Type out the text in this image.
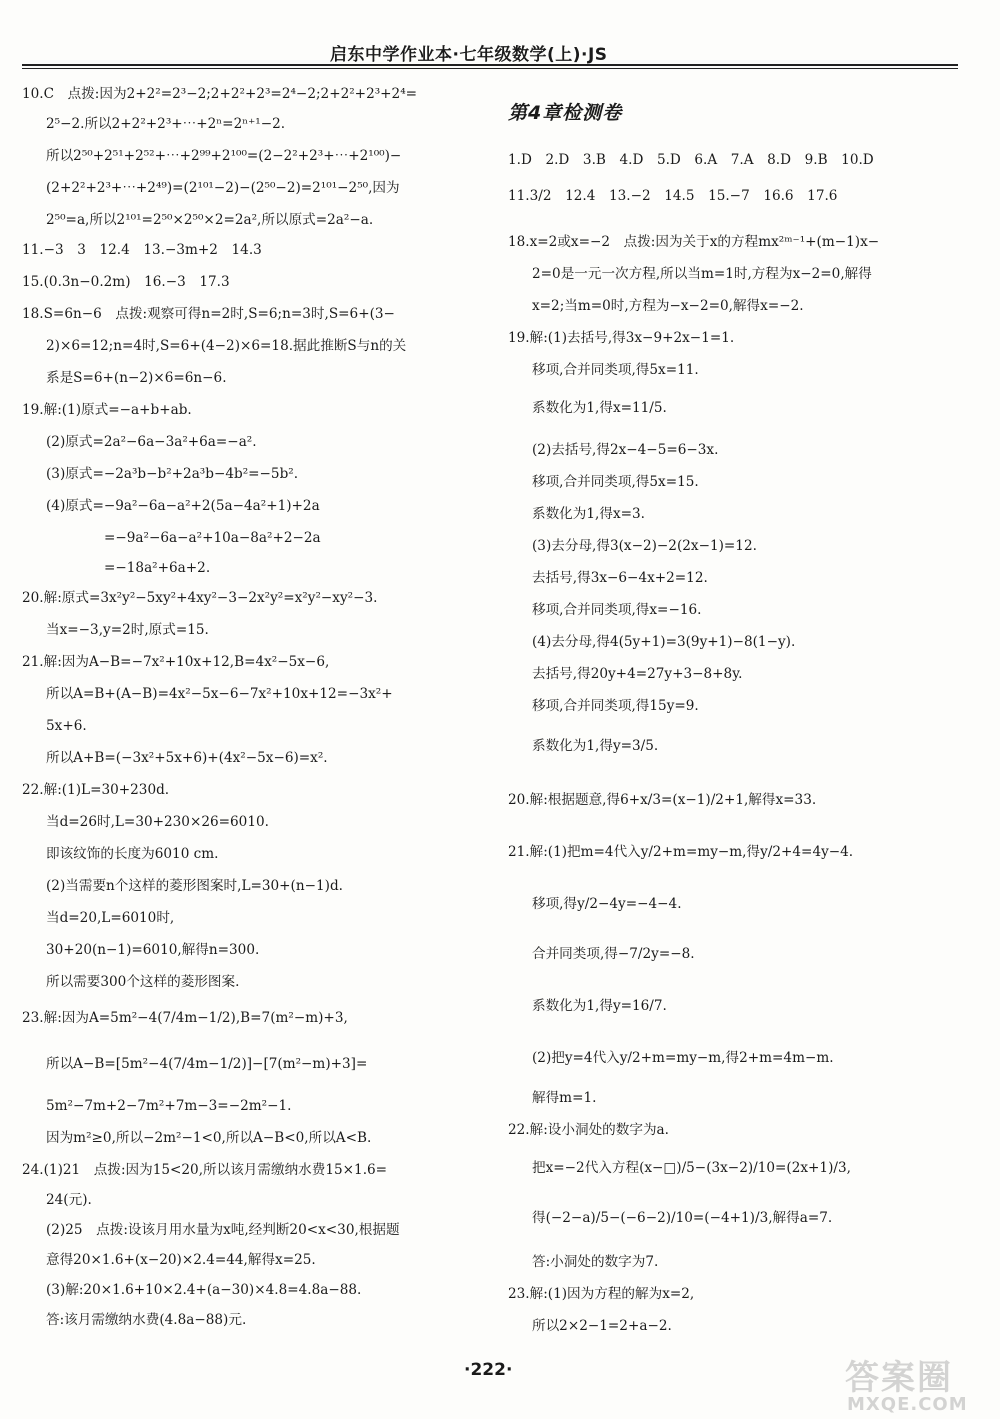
启东中学作业本·七年级数学(上)·JS
10.C　点拨:因为2+2²=2³−2;2+2²+2³=2⁴−2;2+2²+2³+2⁴=
2⁵−2.所以2+2²+2³+⋯+2ⁿ=2ⁿ⁺¹−2.
所以2⁵⁰+2⁵¹+2⁵²+⋯+2⁹⁹+2¹⁰⁰=(2−2²+2³+⋯+2¹⁰⁰)−
(2+2²+2³+⋯+2⁴⁹)=(2¹⁰¹−2)−(2⁵⁰−2)=2¹⁰¹−2⁵⁰,因为
2⁵⁰=a,所以2¹⁰¹=2⁵⁰×2⁵⁰×2=2a²,所以原式=2a²−a.
11.−3　3　12.4　13.−3m+2　14.3
15.(0.3n−0.2m)　16.−3　17.3
18.S=6n−6　点拨:观察可得n=2时,S=6;n=3时,S=6+(3−
2)×6=12;n=4时,S=6+(4−2)×6=18.据此推断S与n的关
系是S=6+(n−2)×6=6n−6.
19.解:(1)原式=−a+b+ab.
(2)原式=2a²−6a−3a²+6a=−a².
(3)原式=−2a³b−b²+2a³b−4b²=−5b².
(4)原式=−9a²−6a−a²+2(5a−4a²+1)+2a
=−9a²−6a−a²+10a−8a²+2−2a
=−18a²+6a+2.
20.解:原式=3x²y²−5xy²+4xy²−3−2x²y²=x²y²−xy²−3.
当x=−3,y=2时,原式=15.
21.解:因为A−B=−7x²+10x+12,B=4x²−5x−6,
所以A=B+(A−B)=4x²−5x−6−7x²+10x+12=−3x²+
5x+6.
所以A+B=(−3x²+5x+6)+(4x²−5x−6)=x².
22.解:(1)L=30+230d.
当d=26时,L=30+230×26=6010.
即该纹饰的长度为6010 cm.
(2)当需要n个这样的菱形图案时,L=30+(n−1)d.
当d=20,L=6010时,
30+20(n−1)=6010,解得n=300.
所以需要300个这样的菱形图案.
23.解:因为A=5m²−4(7/4m−1/2),B=7(m²−m)+3,
所以A−B=[5m²−4(7/4m−1/2)]−[7(m²−m)+3]=
5m²−7m+2−7m²+7m−3=−2m²−1.
因为m²≥0,所以−2m²−1<0,所以A−B<0,所以A<B.
24.(1)21　点拨:因为15<20,所以该月需缴纳水费15×1.6=
24(元).
(2)25　点拨:设该月用水量为x吨,经判断20<x<30,根据题
意得20×1.6+(x−20)×2.4=44,解得x=25.
(3)解:20×1.6+10×2.4+(a−30)×4.8=4.8a−88.
答:该月需缴纳水费(4.8a−88)元.
第4章检测卷
1.D　2.D　3.B　4.D　5.D　6.A　7.A　8.D　9.B　10.D
11.3/2　12.4　13.−2　14.5　15.−7　16.6　17.6
18.x=2或x=−2　点拨:因为关于x的方程mx²ᵐ⁻¹+(m−1)x−
2=0是一元一次方程,所以当m=1时,方程为x−2=0,解得
x=2;当m=0时,方程为−x−2=0,解得x=−2.
19.解:(1)去括号,得3x−9+2x−1=1.
移项,合并同类项,得5x=11.
系数化为1,得x=11/5.
(2)去括号,得2x−4−5=6−3x.
移项,合并同类项,得5x=15.
系数化为1,得x=3.
(3)去分母,得3(x−2)−2(2x−1)=12.
去括号,得3x−6−4x+2=12.
移项,合并同类项,得x=−16.
(4)去分母,得4(5y+1)=3(9y+1)−8(1−y).
去括号,得20y+4=27y+3−8+8y.
移项,合并同类项,得15y=9.
系数化为1,得y=3/5.
20.解:根据题意,得6+x/3=(x−1)/2+1,解得x=33.
21.解:(1)把m=4代入y/2+m=my−m,得y/2+4=4y−4.
移项,得y/2−4y=−4−4.
合并同类项,得−7/2y=−8.
系数化为1,得y=16/7.
(2)把y=4代入y/2+m=my−m,得2+m=4m−m.
解得m=1.
22.解:设小洞处的数字为a.
把x=−2代入方程(x−□)/5−(3x−2)/10=(2x+1)/3,
得(−2−a)/5−(−6−2)/10=(−4+1)/3,解得a=7.
答:小洞处的数字为7.
23.解:(1)因为方程的解为x=2,
所以2×2−1=2+a−2.
·222·	答案圈
MXQE.COM
